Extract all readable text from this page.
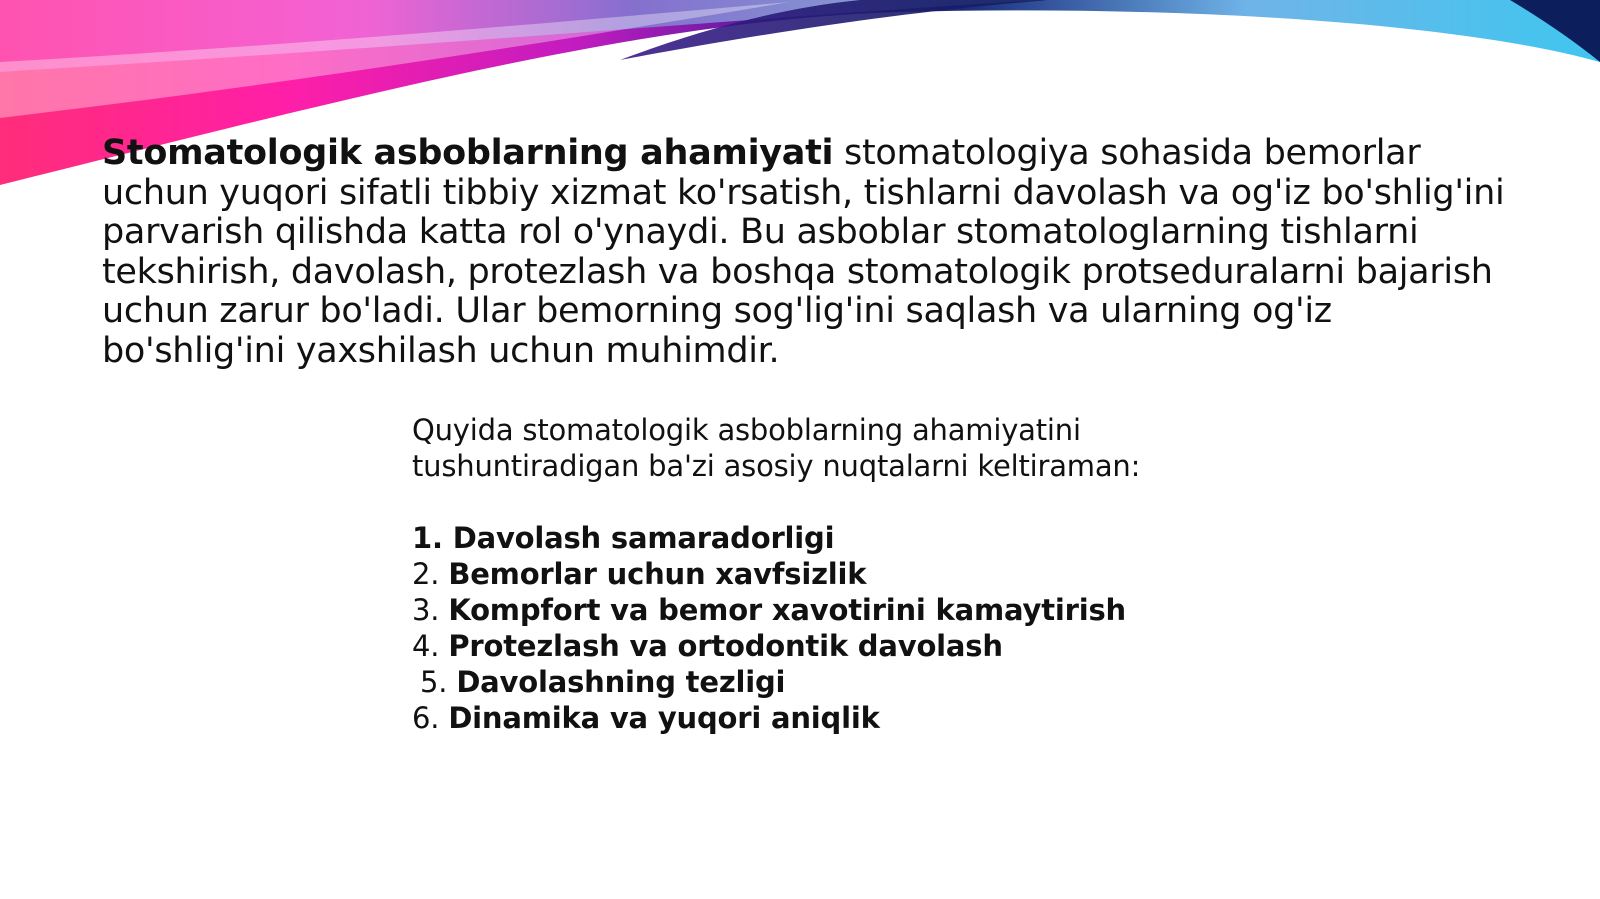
Stomatologik asboblarning ahamiyati stomatologiya sohasida bemorlar uchun yuqori sifatli tibbiy xizmat ko'rsatish, tishlarni davolash va og'iz bo'shlig'ini parvarish qilishda katta rol o'ynaydi. Bu asboblar stomatologlarning tishlarni tekshirish, davolash, protezlash va boshqa stomatologik protseduralarni bajarish uchun zarur bo'ladi. Ular bemorning sog'lig'ini saqlash va ularning og'iz bo'shlig'ini yaxshilash uchun muhimdir.

Quyida stomatologik asboblarning ahamiyatini

tushuntiradigan ba'zi asosiy nuqtalarni keltiraman:

1. Davolash samaradorligi

2. Bemorlar uchun xavfsizlik

3. Kompfort va bemor xavotirini kamaytirish

4. Protezlash va ortodontik davolash

5. Davolashning tezligi

6. Dinamika va yuqori aniqlik
